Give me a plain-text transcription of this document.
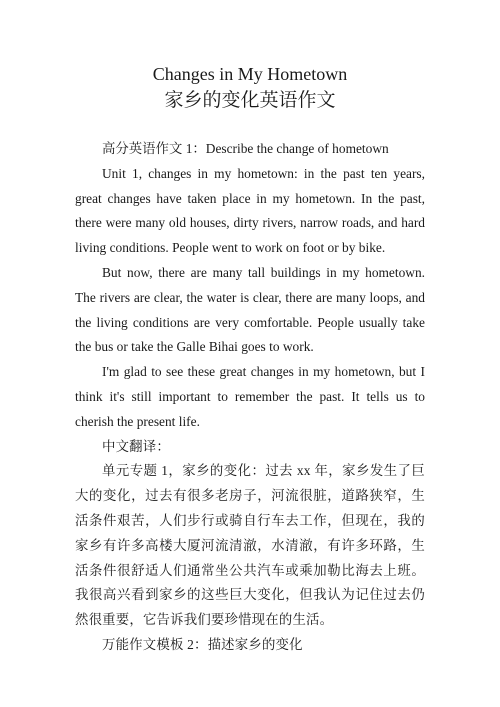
Changes in My Hometown
家乡的变化英语作文

高分英语作文 1：Describe the change of hometown

Unit 1, changes in my hometown: in the past ten years, great changes have taken place in my hometown. In the past, there were many old houses, dirty rivers, narrow roads, and hard living conditions. People went to work on foot or by bike.

But now, there are many tall buildings in my hometown. The rivers are clear, the water is clear, there are many loops, and the living conditions are very comfortable. People usually take the bus or take the Galle Bihai goes to work.

I'm glad to see these great changes in my hometown, but I think it's still important to remember the past. It tells us to cherish the present life.

中文翻译：

单元专题 1，家乡的变化：过去 xx 年，家乡发生了巨大的变化，过去有很多老房子，河流很脏，道路狭窄，生活条件艰苦，人们步行或骑自行车去工作，但现在，我的家乡有许多高楼大厦河流清澈，水清澈，有许多环路，生活条件很舒适人们通常坐公共汽车或乘加勒比海去上班。我很高兴看到家乡的这些巨大变化，但我认为记住过去仍然很重要，它告诉我们要珍惜现在的生活。

万能作文模板 2：描述家乡的变化
